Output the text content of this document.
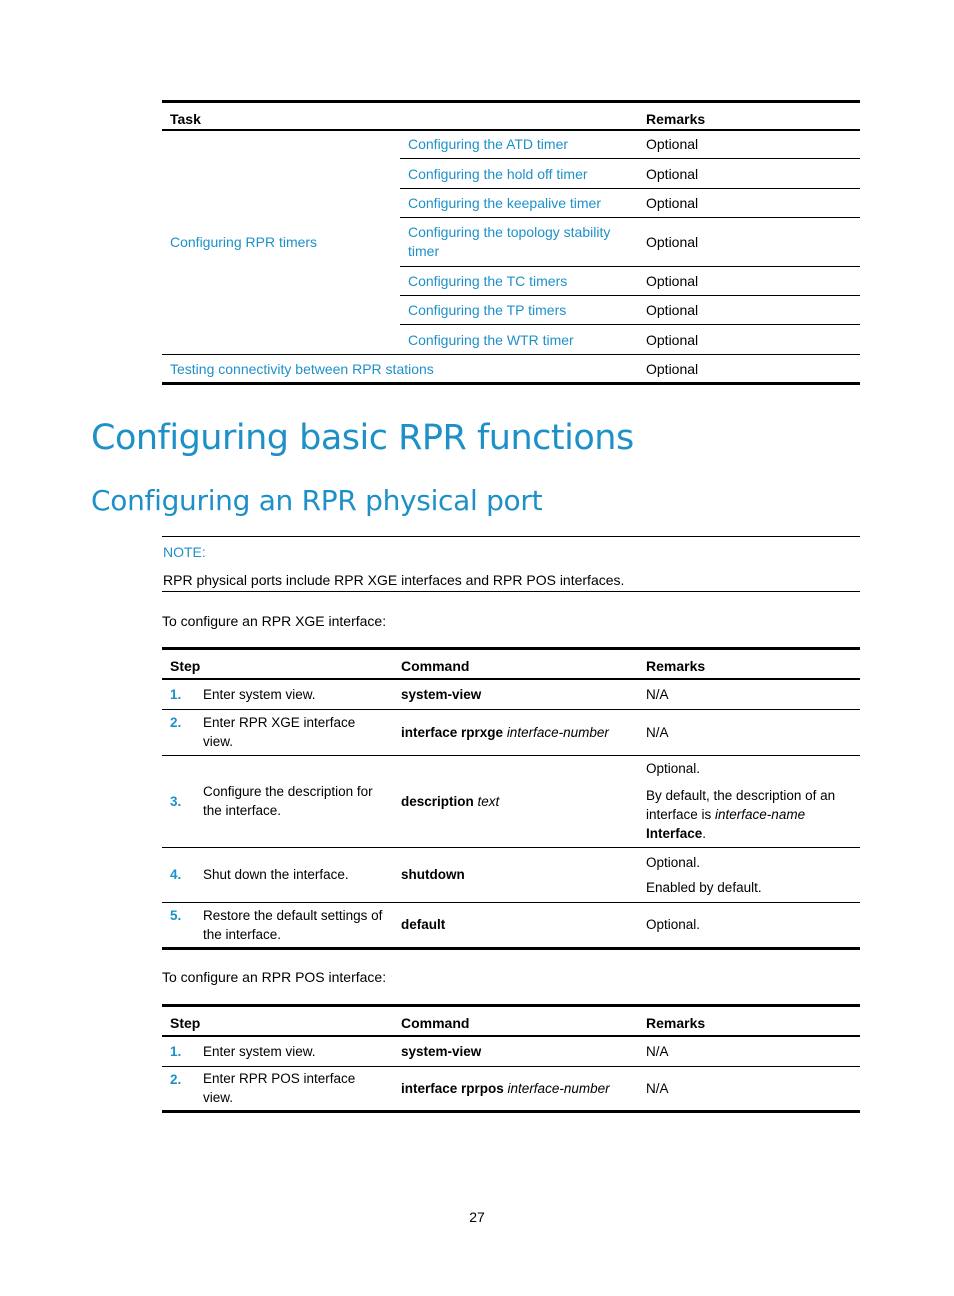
Task		Remarks
Configuring RPR timers	Configuring the ATD timer	Optional
	Configuring the hold off timer	Optional
	Configuring the keepalive timer	Optional
	Configuring the topology stability timer	Optional
	Configuring the TC timers	Optional
	Configuring the TP timers	Optional
	Configuring the WTR timer	Optional
Testing connectivity between RPR stations		Optional
Configuring basic RPR functions
Configuring an RPR physical port
NOTE:
RPR physical ports include RPR XGE interfaces and RPR POS interfaces.
To configure an RPR XGE interface:
Step		Command	Remarks
1.	Enter system view.	system-view	N/A
2.	Enter RPR XGE interface view.	interface rprxge interface-number	N/A
3.	Configure the description for the interface.	description text	Optional.

By default, the description of an interface is interface-name Interface.

4.	Shut down the interface.	shutdown	Optional.

Enabled by default.

5.	Restore the default settings of the interface.	default	Optional.
To configure an RPR POS interface:
Step		Command	Remarks
1.	Enter system view.	system-view	N/A
2.	Enter RPR POS interface view.	interface rprpos interface-number	N/A
27
